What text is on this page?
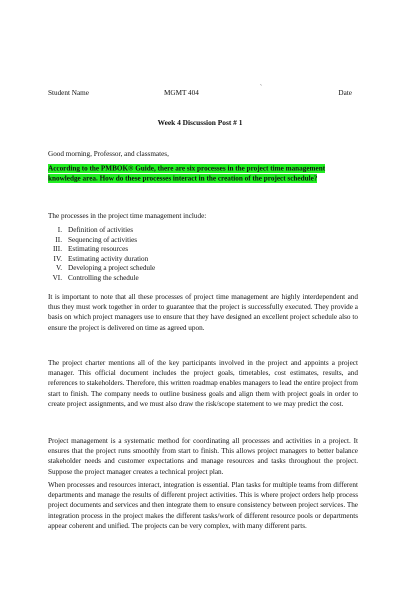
Student Name	MGMT 404
`
Date
Week 4 Discussion Post # 1
Good morning, Professor, and classmates,
According to the PMBOK® Guide, there are six processes in the project time management knowledge area. How do these processes interact in the creation of the project schedule?
The processes in the project time management include:
I. Definition of activities
II. Sequencing of activities
III. Estimating resources
IV. Estimating activity duration
V. Developing a project schedule
VI. Controlling the schedule

It is important to note that all these processes of project time management are highly interdependent and thus they must work together in order to guarantee that the project is successfully executed. They provide a basis on which project managers use to ensure that they have designed an excellent project schedule also to ensure the project is delivered on time as agreed upon.

The project charter mentions all of the key participants involved in the project and appoints a project manager. This official document includes the project goals, timetables, cost estimates, results, and references to stakeholders. Therefore, this written roadmap enables managers to lead the entire project from start to finish. The company needs to outline business goals and align them with project goals in order to create project assignments, and we must also draw the risk/scope statement to we may predict the cost.

Project management is a systematic method for coordinating all processes and activities in a project. It ensures that the project runs smoothly from start to finish. This allows project managers to better balance stakeholder needs and customer expectations and manage resources and tasks throughout the project. Suppose the project manager creates a technical project plan.

When processes and resources interact, integration is essential. Plan tasks for multiple teams from different departments and manage the results of different project activities. This is where project orders help process project documents and services and then integrate them to ensure consistency between project services. The integration process in the project makes the different tasks/work of different resource pools or departments appear coherent and unified. The projects can be very complex, with many different parts.
